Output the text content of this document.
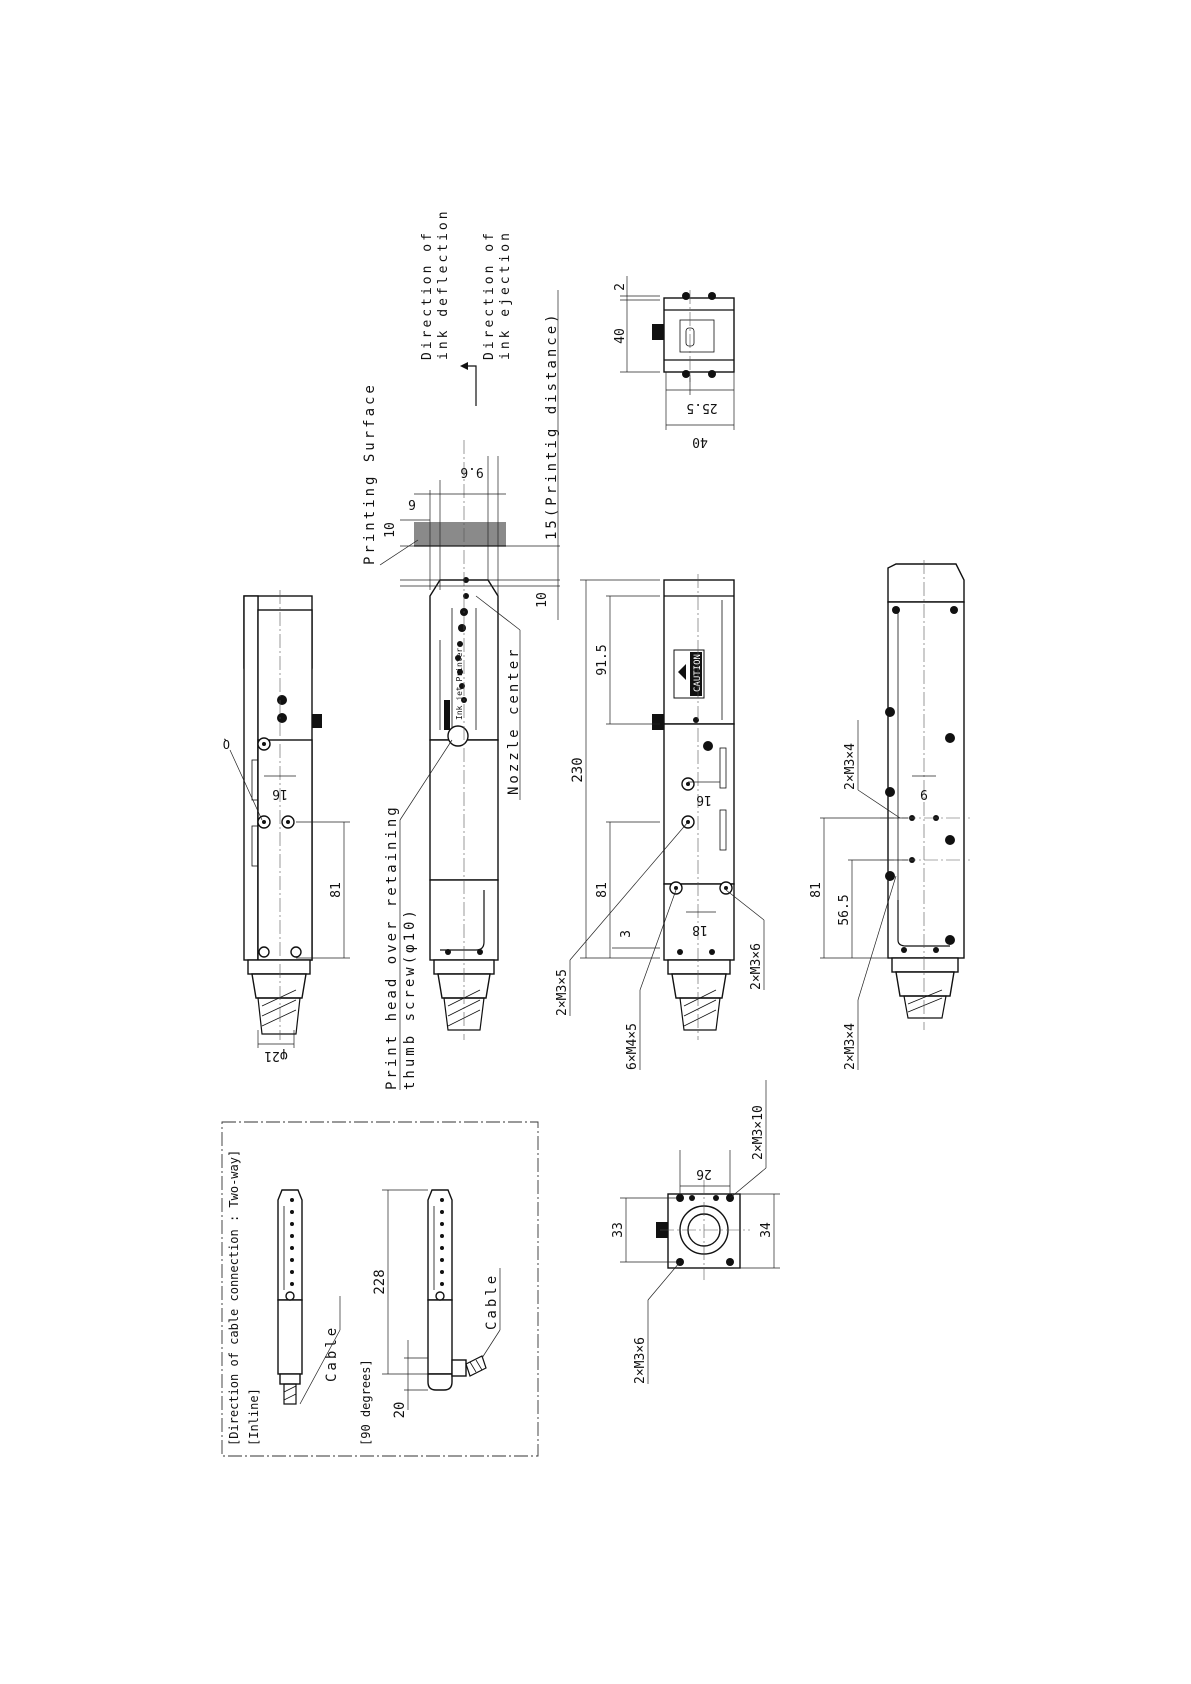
2
40
25.5
40
Direction of ink deflection Direction of ink ejection
Printing Surface	15(Printig distance)
φ21
16
81
Q
9.6
6
10
10
Nozzle center
Print head over retaining thumb screw(φ10)
Ink jet Printer	CAUTION
230
91.5
81
3
16
18
2×M3×5
6×M4×5
2×M3×6
81
56.5
9
2×M3×4
2×M3×4
26
33	34
2×M3×10
2×M3×6
[Direction of cable connection : Two-way] [Inline]	[90 degrees]
Cable
Cable
228
20
